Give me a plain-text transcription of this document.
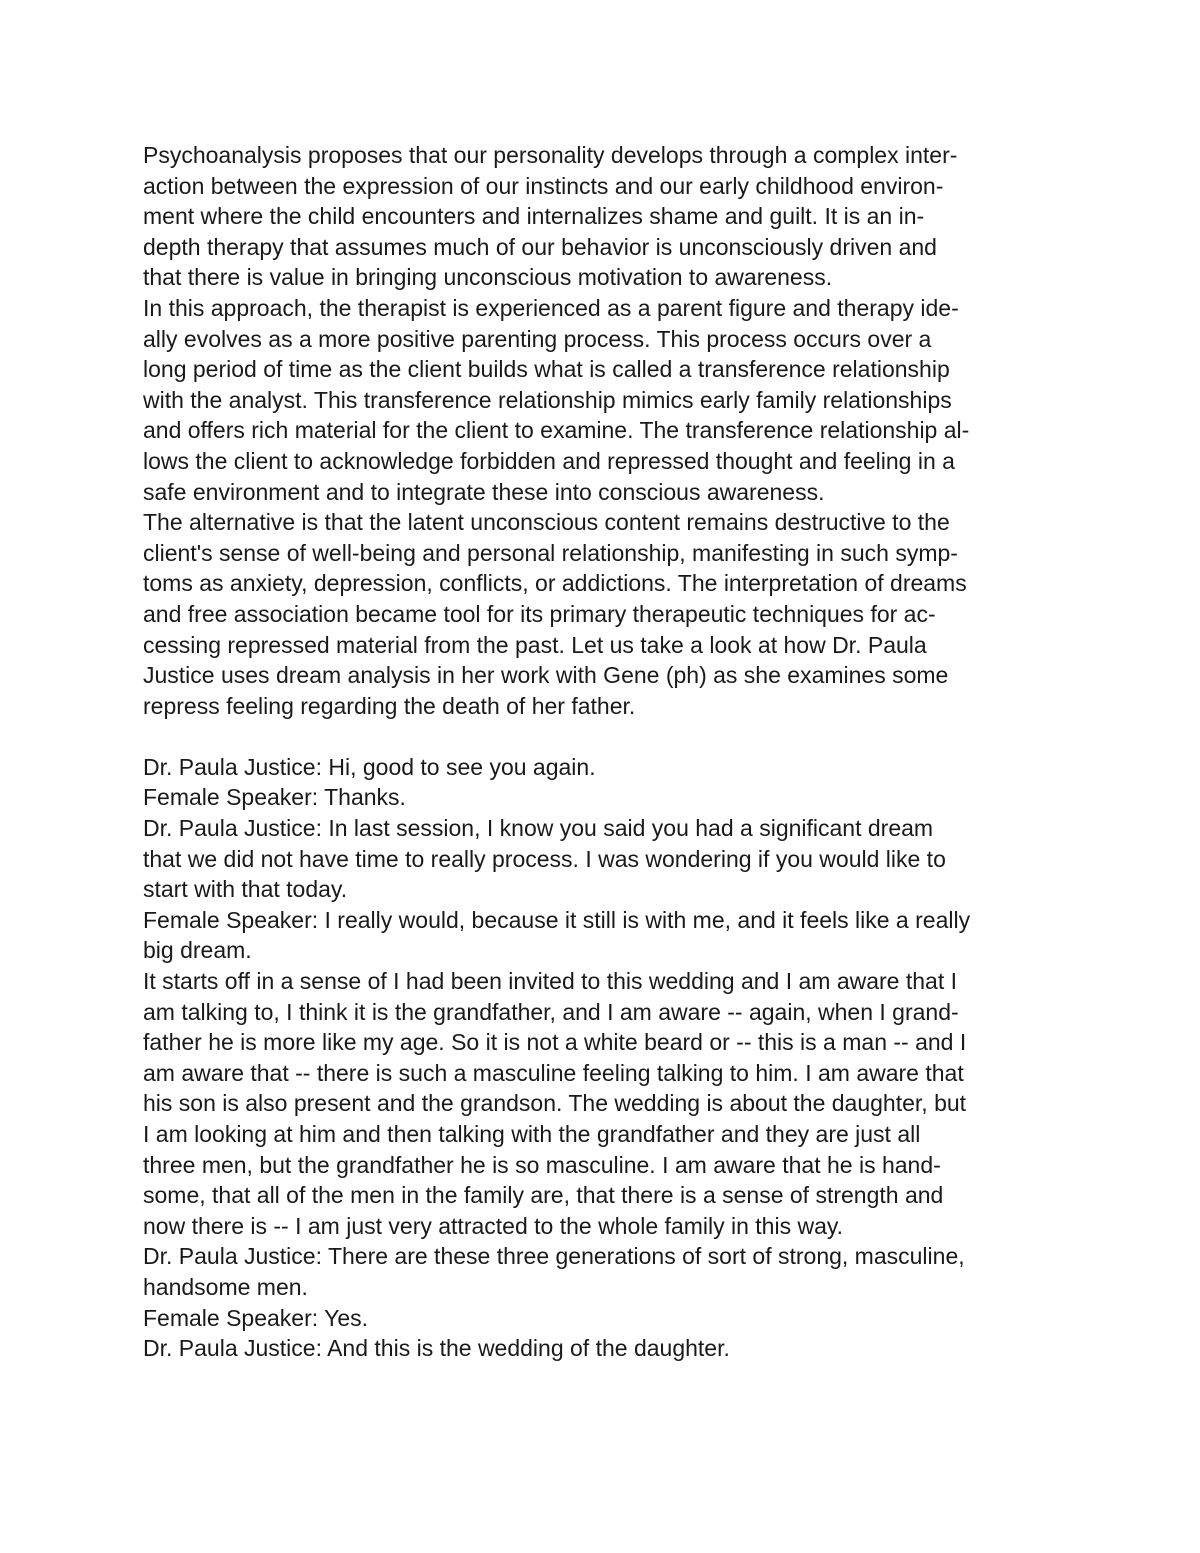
Psychoanalysis proposes that our personality develops through a complex inter-
action between the expression of our instincts and our early childhood environ-
ment where the child encounters and internalizes shame and guilt. It is an in-
depth therapy that assumes much of our behavior is unconsciously driven and
that there is value in bringing unconscious motivation to awareness.
In this approach, the therapist is experienced as a parent figure and therapy ide-
ally evolves as a more positive parenting process. This process occurs over a
long period of time as the client builds what is called a transference relationship
with the analyst. This transference relationship mimics early family relationships
and offers rich material for the client to examine. The transference relationship al-
lows the client to acknowledge forbidden and repressed thought and feeling in a
safe environment and to integrate these into conscious awareness.
The alternative is that the latent unconscious content remains destructive to the
client's sense of well-being and personal relationship, manifesting in such symp-
toms as anxiety, depression, conflicts, or addictions. The interpretation of dreams
and free association became tool for its primary therapeutic techniques for ac-
cessing repressed material from the past. Let us take a look at how Dr. Paula
Justice uses dream analysis in her work with Gene (ph) as she examines some
repress feeling regarding the death of her father.
Dr. Paula Justice: Hi, good to see you again.
Female Speaker: Thanks.
Dr. Paula Justice: In last session, I know you said you had a significant dream
that we did not have time to really process. I was wondering if you would like to
start with that today.
Female Speaker: I really would, because it still is with me, and it feels like a really
big dream.
It starts off in a sense of I had been invited to this wedding and I am aware that I
am talking to, I think it is the grandfather, and I am aware -- again, when I grand-
father he is more like my age. So it is not a white beard or -- this is a man -- and I
am aware that -- there is such a masculine feeling talking to him. I am aware that
his son is also present and the grandson. The wedding is about the daughter, but
I am looking at him and then talking with the grandfather and they are just all
three men, but the grandfather he is so masculine. I am aware that he is hand-
some, that all of the men in the family are, that there is a sense of strength and
now there is -- I am just very attracted to the whole family in this way.
Dr. Paula Justice: There are these three generations of sort of strong, masculine,
handsome men.
Female Speaker: Yes.
Dr. Paula Justice: And this is the wedding of the daughter.
